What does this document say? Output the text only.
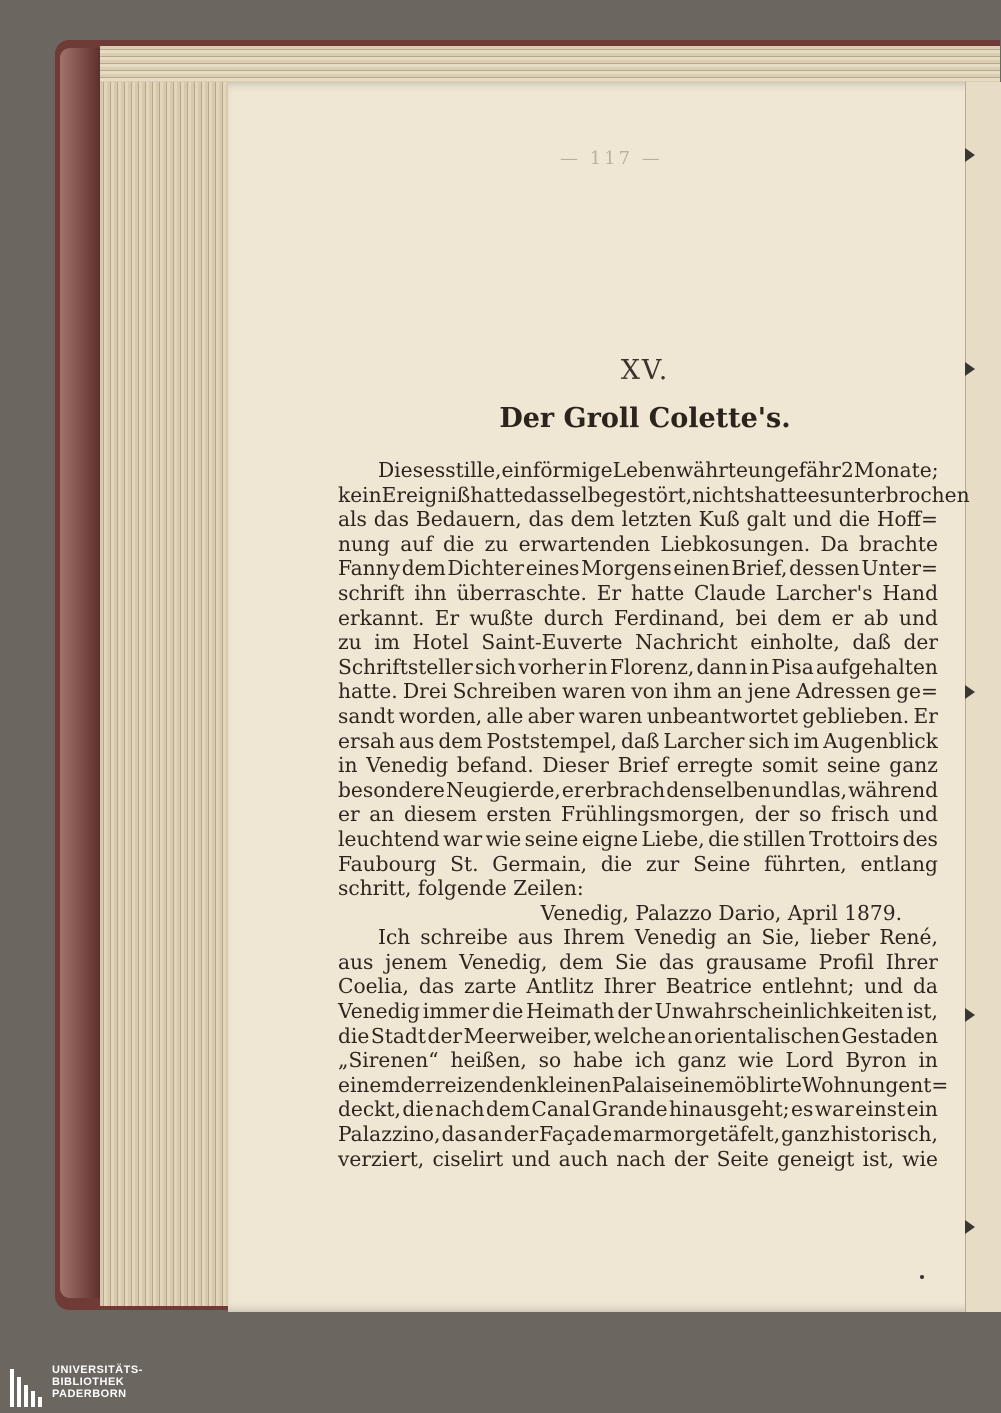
— 117 —
XV.
Der Groll Colette's.
Dieses stille, einförmige Leben währte ungefähr 2 Monate;
kein Ereigniß hatte dasselbe gestört, nichts hatte es unterbrochen
als das Bedauern, das dem letzten Kuß galt und die Hoff=
nung auf die zu erwartenden Liebkosungen. Da brachte
Fanny dem Dichter eines Morgens einen Brief, dessen Unter=
schrift ihn überraschte. Er hatte Claude Larcher's Hand
erkannt. Er wußte durch Ferdinand, bei dem er ab und
zu im Hotel Saint-Euverte Nachricht einholte, daß der
Schriftsteller sich vorher in Florenz, dann in Pisa aufgehalten
hatte. Drei Schreiben waren von ihm an jene Adressen ge=
sandt worden, alle aber waren unbeantwortet geblieben. Er
ersah aus dem Poststempel, daß Larcher sich im Augenblick
in Venedig befand. Dieser Brief erregte somit seine ganz
besondere Neugierde, er erbrach denselben und las, während
er an diesem ersten Frühlingsmorgen, der so frisch und
leuchtend war wie seine eigne Liebe, die stillen Trottoirs des
Faubourg St. Germain, die zur Seine führten, entlang
schritt, folgende Zeilen:
Venedig, Palazzo Dario, April 1879.
Ich schreibe aus Ihrem Venedig an Sie, lieber René,
aus jenem Venedig, dem Sie das grausame Profil Ihrer
Coelia, das zarte Antlitz Ihrer Beatrice entlehnt; und da
Venedig immer die Heimath der Unwahrscheinlichkeiten ist,
die Stadt der Meerweiber, welche an orientalischen Gestaden
„Sirenen“ heißen, so habe ich ganz wie Lord Byron in
einem der reizenden kleinen Palais eine möblirte Wohnung ent=
deckt, die nach dem Canal Grande hinausgeht; es war einst ein
Palazzino, das an der Façade marmorgetäfelt, ganz historisch,
verziert, ciselirt und auch nach der Seite geneigt ist, wie
UNIVERSITÄTS-
BIBLIOTHEK
PADERBORN
